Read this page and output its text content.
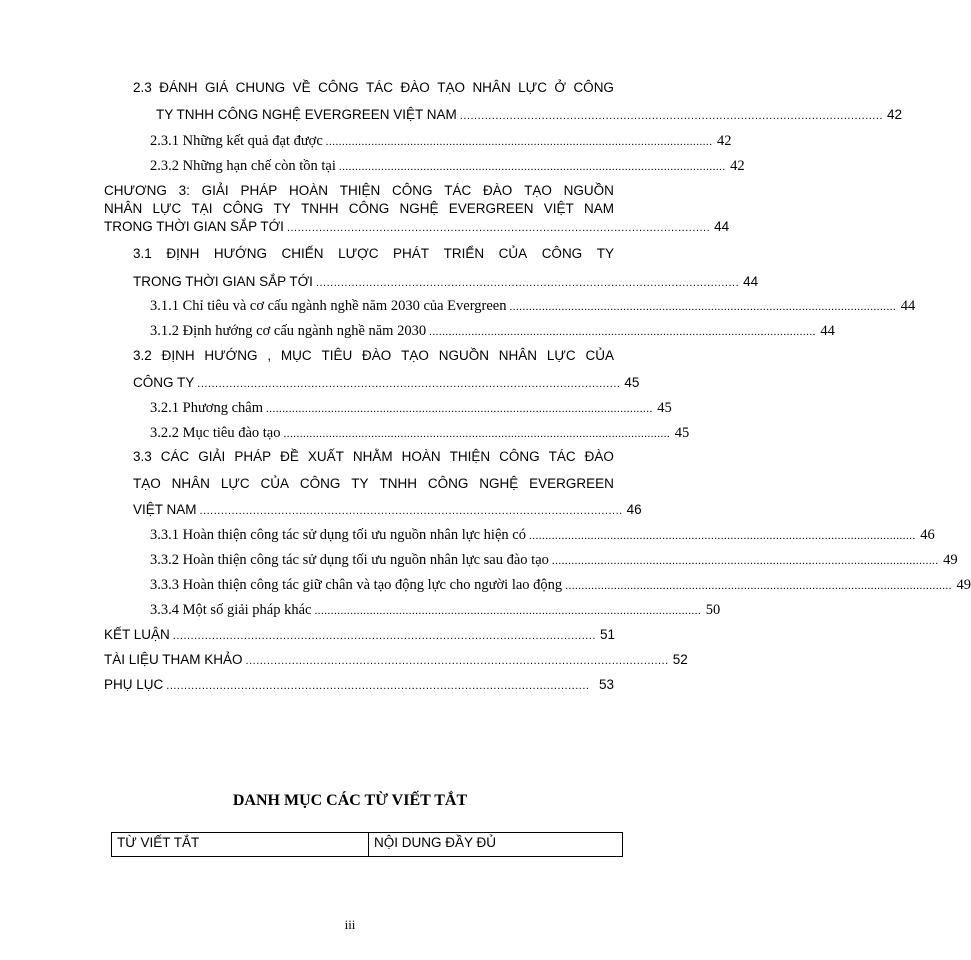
2.3 ĐÁNH GIÁ CHUNG VỀ CÔNG TÁC ĐÀO TẠO NHÂN LỰC Ở CÔNG
TY TNHH CÔNG NGHỆ EVERGREEN VIỆT NAM ....................................................................................................................... 42
2.3.1 Những kết quả đạt được ....................................................................................................................... 42
2.3.2 Những hạn chế còn tồn tại ....................................................................................................................... 42
CHƯƠNG 3: GIẢI PHÁP HOÀN THIỆN CÔNG TÁC ĐÀO TẠO NGUỒN
NHÂN LỰC TẠI CÔNG TY TNHH CÔNG NGHỆ EVERGREEN VIỆT NAM
TRONG THỜI GIAN SẮP TỚI ....................................................................................................................... 44
3.1 ĐỊNH HƯỚNG CHIẾN LƯỢC PHÁT TRIỂN CỦA CÔNG TY
TRONG THỜI GIAN SẮP TỚI ....................................................................................................................... 44
3.1.1 Chỉ tiêu và cơ cấu ngành nghề năm 2030 của Evergreen ....................................................................................................................... 44
3.1.2 Định hướng cơ cấu ngành nghề năm 2030 ....................................................................................................................... 44
3.2 ĐỊNH HƯỚNG , MỤC TIÊU ĐÀO TẠO NGUỒN NHÂN LỰC CỦA
CÔNG TY ....................................................................................................................... 45
3.2.1 Phương châm ....................................................................................................................... 45
3.2.2 Mục tiêu đào tạo ....................................................................................................................... 45
3.3 CÁC GIẢI PHÁP ĐỀ XUẤT NHẰM HOÀN THIỆN CÔNG TÁC ĐÀO
TẠO NHÂN LỰC CỦA CÔNG TY TNHH CÔNG NGHỆ EVERGREEN
VIỆT NAM ....................................................................................................................... 46
3.3.1 Hoàn thiện công tác sử dụng tối ưu nguồn nhân lực hiện có ....................................................................................................................... 46
3.3.2 Hoàn thiện công tác sử dụng tối ưu nguồn nhân lực sau đào tạo ....................................................................................................................... 49
3.3.3 Hoàn thiện công tác giữ chân và tạo động lực cho người lao động ....................................................................................................................... 49
3.3.4 Một số giải pháp khác ....................................................................................................................... 50
KẾT LUẬN ....................................................................................................................... 51
TÀI LIỆU THAM KHẢO ....................................................................................................................... 52
PHỤ LỤC ....................................................................................................................... 53
DANH MỤC CÁC TỪ VIẾT TẮT
TỪ VIẾT TẮT	NỘI DUNG ĐẦY ĐỦ
iii
